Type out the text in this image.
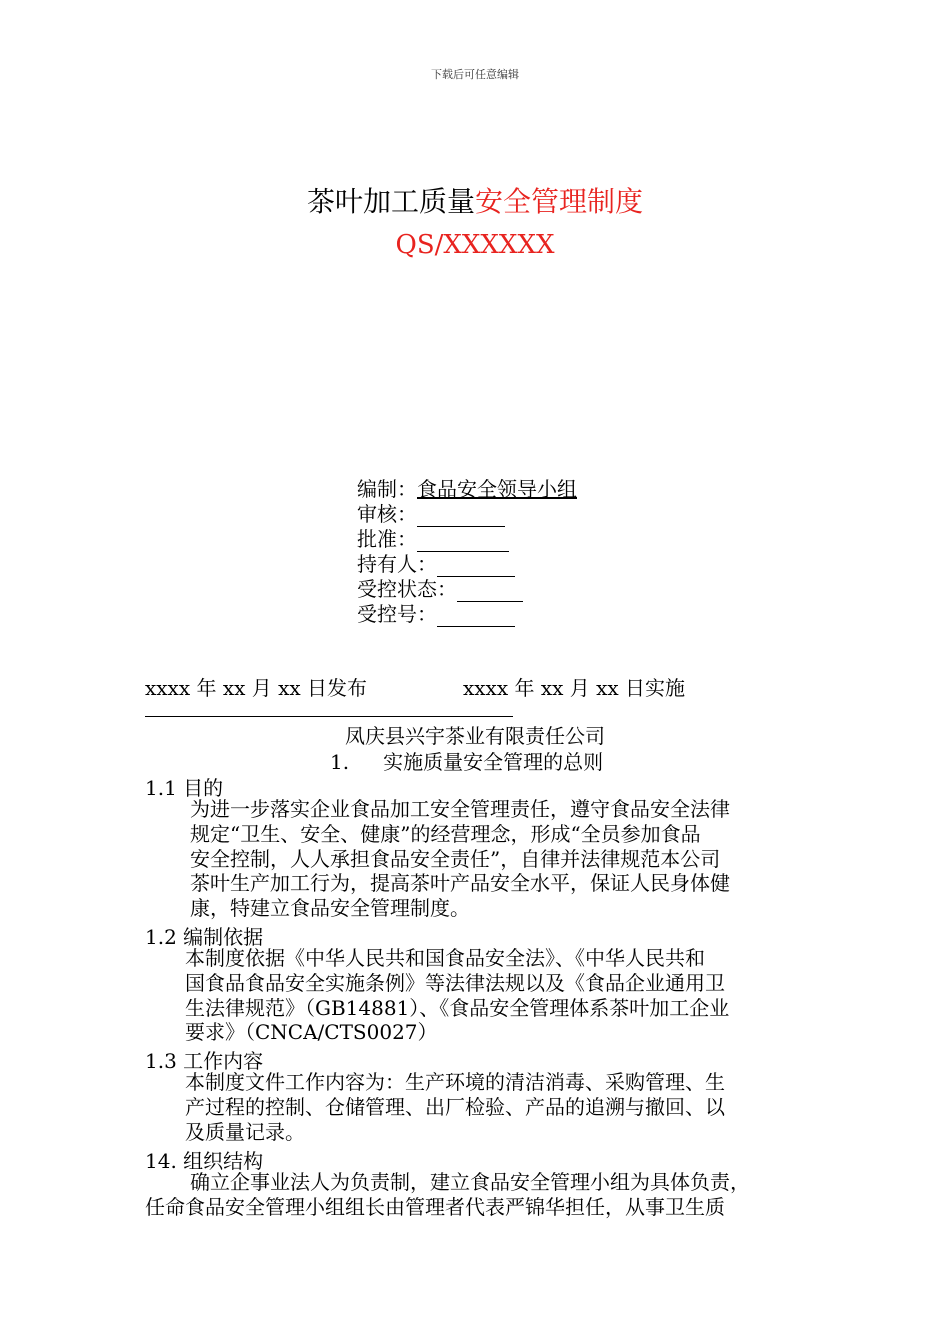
下载后可任意编辑
茶叶加工质量安全管理制度
QS/XXXXXX
编制：食品安全领导小组
审核：
批准：
持有人：
受控状态：
受控号：
xxxx 年 xx 月 xx 日发布	xxxx 年 xx 月 xx 日实施
凤庆县兴宇茶业有限责任公司
1. 实施质量安全管理的总则
1.1 目的
为进一步落实企业食品加工安全管理责任，遵守食品安全法律
规定“卫生、安全、健康”的经营理念，形成“全员参加食品
安全控制，人人承担食品安全责任”，自律并法律规范本公司
茶叶生产加工行为，提高茶叶产品安全水平，保证人民身体健
康，特建立食品安全管理制度。
1.2 编制依据
本制度依据《中华人民共和国食品安全法》、《中华人民共和
国食品食品安全实施条例》等法律法规以及《食品企业通用卫
生法律规范》（GB14881）、《食品安全管理体系茶叶加工企业
要求》（CNCA/CTS0027）
1.3 工作内容
本制度文件工作内容为：生产环境的清洁消毒、采购管理、生
产过程的控制、仓储管理、出厂检验、产品的追溯与撤回、以
及质量记录。
14. 组织结构
确立企事业法人为负责制，建立食品安全管理小组为具体负责，
任命食品安全管理小组组长由管理者代表严锦华担任，从事卫生质
